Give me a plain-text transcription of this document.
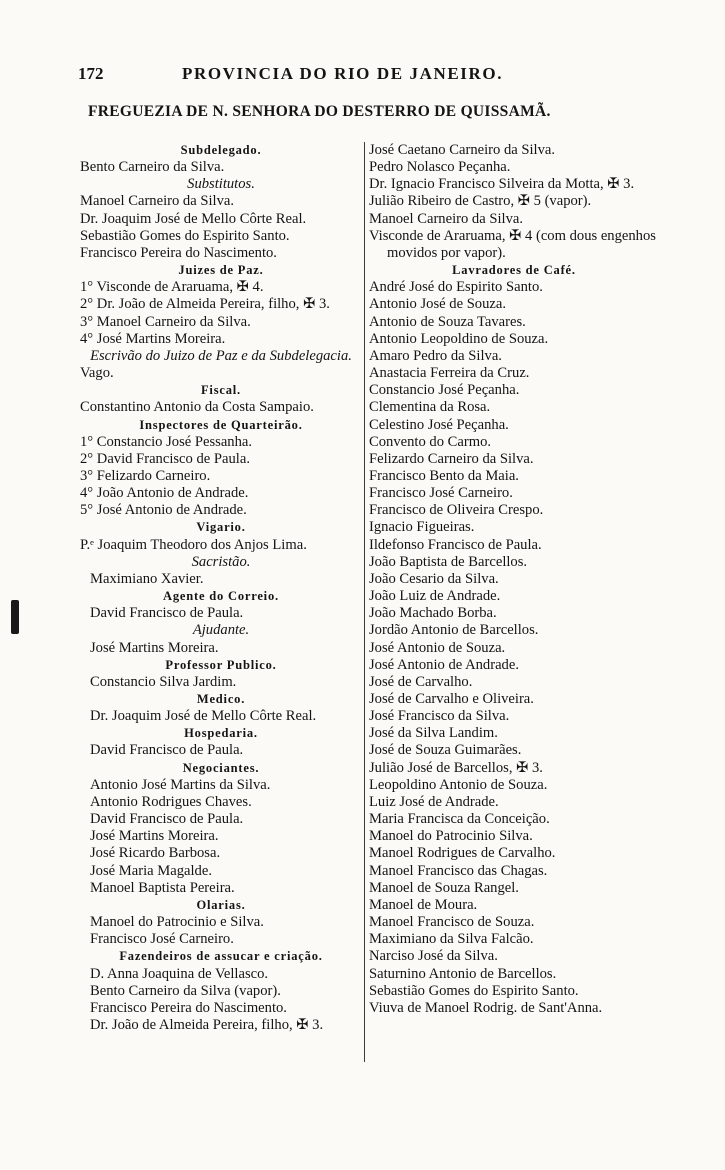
172	PROVINCIA DO RIO DE JANEIRO.
FREGUEZIA DE N. SENHORA DO DESTERRO DE QUISSAMÃ.
Subdelegado.
Bento Carneiro da Silva.
Substitutos.
Manoel Carneiro da Silva.
Dr. Joaquim José de Mello Côrte Real.
Sebastião Gomes do Espirito Santo.
Francisco Pereira do Nascimento.
Juizes de Paz.
1° Visconde de Araruama, ✠ 4.
2° Dr. João de Almeida Pereira, filho, ✠ 3.
3° Manoel Carneiro da Silva.
4° José Martins Moreira.
Escrivão do Juizo de Paz e da Subdelegacia.
Vago.
Fiscal.
Constantino Antonio da Costa Sampaio.
Inspectores de Quarteirão.
1° Constancio José Pessanha.
2° David Francisco de Paula.
3° Felizardo Carneiro.
4° João Antonio de Andrade.
5° José Antonio de Andrade.
Vigario.
P.ᵉ Joaquim Theodoro dos Anjos Lima.
Sacristão.
Maximiano Xavier.
Agente do Correio.
David Francisco de Paula.
Ajudante.
José Martins Moreira.
Professor Publico.
Constancio Silva Jardim.
Medico.
Dr. Joaquim José de Mello Côrte Real.
Hospedaria.
David Francisco de Paula.
Negociantes.
Antonio José Martins da Silva.
Antonio Rodrigues Chaves.
David Francisco de Paula.
José Martins Moreira.
José Ricardo Barbosa.
José Maria Magalde.
Manoel Baptista Pereira.
Olarias.
Manoel do Patrocinio e Silva.
Francisco José Carneiro.
Fazendeiros de assucar e criação.
D. Anna Joaquina de Vellasco.
Bento Carneiro da Silva (vapor).
Francisco Pereira do Nascimento.
Dr. João de Almeida Pereira, filho, ✠ 3.
José Caetano Carneiro da Silva.
Pedro Nolasco Peçanha.
Dr. Ignacio Francisco Silveira da Motta, ✠ 3.
Julião Ribeiro de Castro, ✠ 5 (vapor).
Manoel Carneiro da Silva.
Visconde de Araruama, ✠ 4 (com dous engenhos movidos por vapor).
Lavradores de Café.
André José do Espirito Santo.
Antonio José de Souza.
Antonio de Souza Tavares.
Antonio Leopoldino de Souza.
Amaro Pedro da Silva.
Anastacia Ferreira da Cruz.
Constancio José Peçanha.
Clementina da Rosa.
Celestino José Peçanha.
Convento do Carmo.
Felizardo Carneiro da Silva.
Francisco Bento da Maia.
Francisco José Carneiro.
Francisco de Oliveira Crespo.
Ignacio Figueiras.
Ildefonso Francisco de Paula.
João Baptista de Barcellos.
João Cesario da Silva.
João Luiz de Andrade.
João Machado Borba.
Jordão Antonio de Barcellos.
José Antonio de Souza.
José Antonio de Andrade.
José de Carvalho.
José de Carvalho e Oliveira.
José Francisco da Silva.
José da Silva Landim.
José de Souza Guimarães.
Julião José de Barcellos, ✠ 3.
Leopoldino Antonio de Souza.
Luiz José de Andrade.
Maria Francisca da Conceição.
Manoel do Patrocinio Silva.
Manoel Rodrigues de Carvalho.
Manoel Francisco das Chagas.
Manoel de Souza Rangel.
Manoel de Moura.
Manoel Francisco de Souza.
Maximiano da Silva Falcão.
Narciso José da Silva.
Saturnino Antonio de Barcellos.
Sebastião Gomes do Espirito Santo.
Viuva de Manoel Rodrig. de Sant'Anna.
